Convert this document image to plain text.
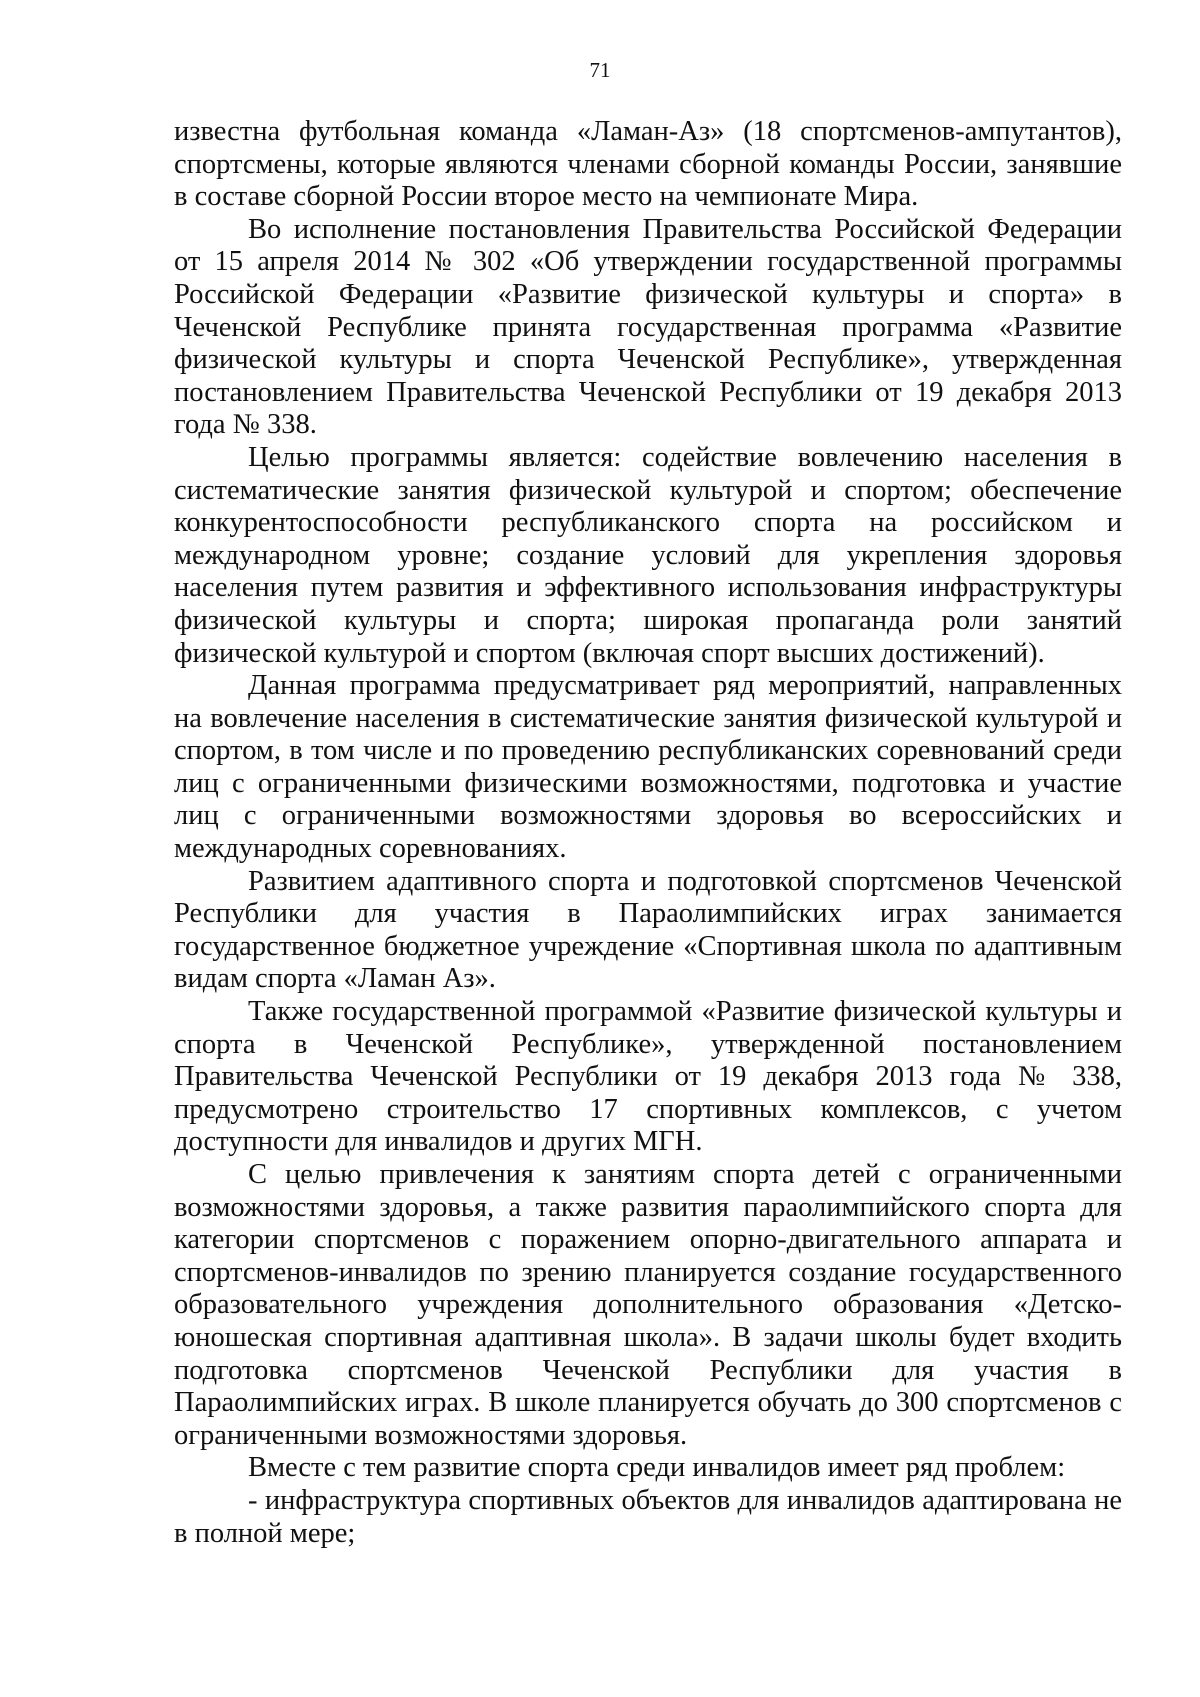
71

известна футбольная команда «Ламан-Аз» (18 спортсменов-ампутантов), спортсмены, которые являются членами сборной команды России, занявшие в составе сборной России второе место на чемпионате Мира.

Во исполнение постановления Правительства Российской Федерации от 15 апреля 2014 № 302 «Об утверждении государственной программы Российской Федерации «Развитие физической культуры и спорта» в Чеченской Республике принята государственная программа «Развитие физической культуры и спорта Чеченской Республике», утвержденная постановлением Правительства Чеченской Республики от 19 декабря 2013 года № 338.

Целью программы является: содействие вовлечению населения в систематические занятия физической культурой и спортом; обеспечение конкурентоспособности республиканского спорта на российском и международном уровне; создание условий для укрепления здоровья населения путем развития и эффективного использования инфраструктуры физической культуры и спорта; широкая пропаганда роли занятий физической культурой и спортом (включая спорт высших достижений).

Данная программа предусматривает ряд мероприятий, направленных на вовлечение населения в систематические занятия физической культурой и спортом, в том числе и по проведению республиканских соревнований среди лиц с ограниченными физическими возможностями, подготовка и участие лиц с ограниченными возможностями здоровья во всероссийских и международных соревнованиях.

Развитием адаптивного спорта и подготовкой спортсменов Чеченской Республики для участия в Параолимпийских играх занимается государственное бюджетное учреждение «Спортивная школа по адаптивным видам спорта «Ламан Аз».

Также государственной программой «Развитие физической культуры и спорта в Чеченской Республике», утвержденной постановлением Правительства Чеченской Республики от 19 декабря 2013 года № 338, предусмотрено строительство 17 спортивных комплексов, с учетом доступности для инвалидов и других МГН.

С целью привлечения к занятиям спорта детей с ограниченными возможностями здоровья, а также развития параолимпийского спорта для категории спортсменов с поражением опорно-двигательного аппарата и спортсменов-инвалидов по зрению планируется создание государственного образовательного учреждения дополнительного образования «Детско-юношеская спортивная адаптивная школа». В задачи школы будет входить подготовка спортсменов Чеченской Республики для участия в Параолимпийских играх. В школе планируется обучать до 300 спортсменов с ограниченными возможностями здоровья.

Вместе с тем развитие спорта среди инвалидов имеет ряд проблем:

- инфраструктура спортивных объектов для инвалидов адаптирована не в полной мере;
